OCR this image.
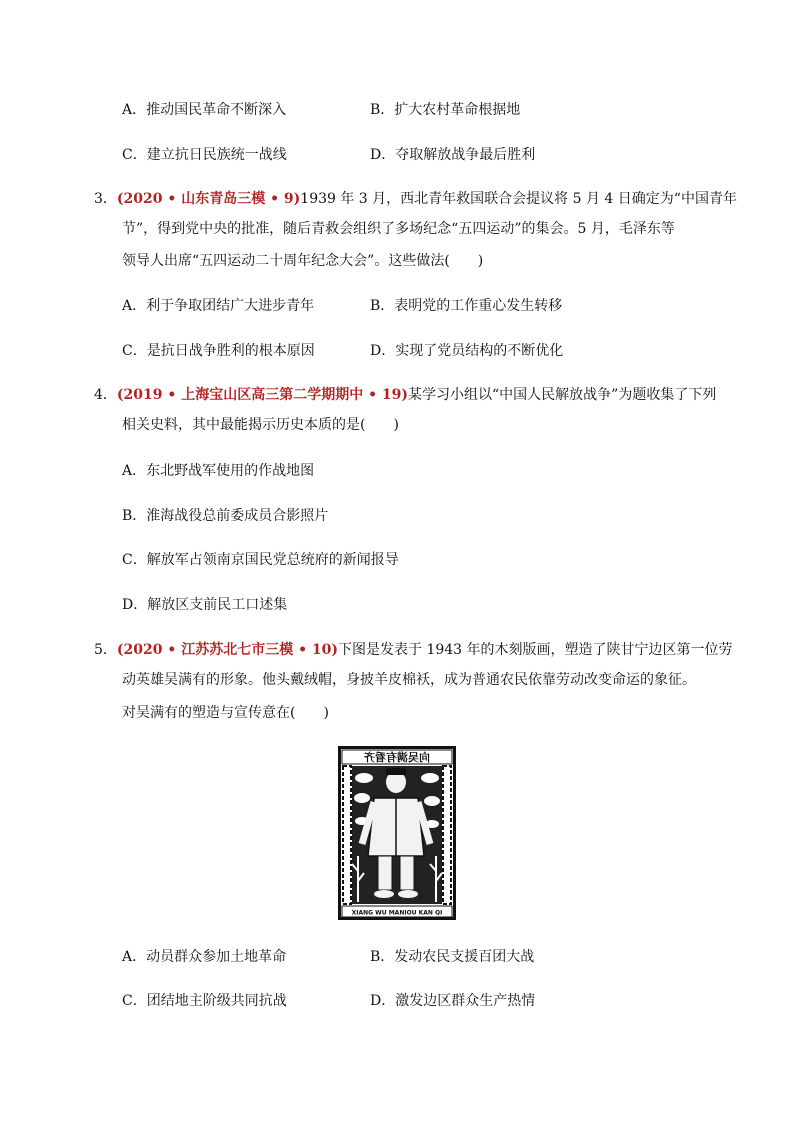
A．推动国民革命不断深入	B．扩大农村革命根据地
C．建立抗日民族统一战线	D．夺取解放战争最后胜利
3．(2020 • 山东青岛三模 • 9)1939 年 3 月，西北青年救国联合会提议将 5 月 4 日确定为“中国青年
节”，得到党中央的批准，随后青救会组织了多场纪念“五四运动”的集会。5 月，毛泽东等
领导人出席“五四运动二十周年纪念大会”。这些做法(　　)
A．利于争取团结广大进步青年	B．表明党的工作重心发生转移
C．是抗日战争胜利的根本原因	D．实现了党员结构的不断优化
4．(2019 • 上海宝山区高三第二学期期中 • 19)某学习小组以“中国人民解放战争”为题收集了下列
相关史料，其中最能揭示历史本质的是(　　)
A．东北野战军使用的作战地图
B．淮海战役总前委成员合影照片
C．解放军占领南京国民党总统府的新闻报导
D．解放区支前民工口述集
5．(2020 • 江苏苏北七市三模 • 10)下图是发表于 1943 年的木刻版画，塑造了陕甘宁边区第一位劳
动英雄吴满有的形象。他头戴绒帽，身披羊皮棉袄，成为普通农民依靠劳动改变命运的象征。
对吴满有的塑造与宣传意在(　　)
向吴满有看齐
XIANG WU MANIOU KAN QI
A．动员群众参加土地革命	B．发动农民支援百团大战
C．团结地主阶级共同抗战	D．激发边区群众生产热情
